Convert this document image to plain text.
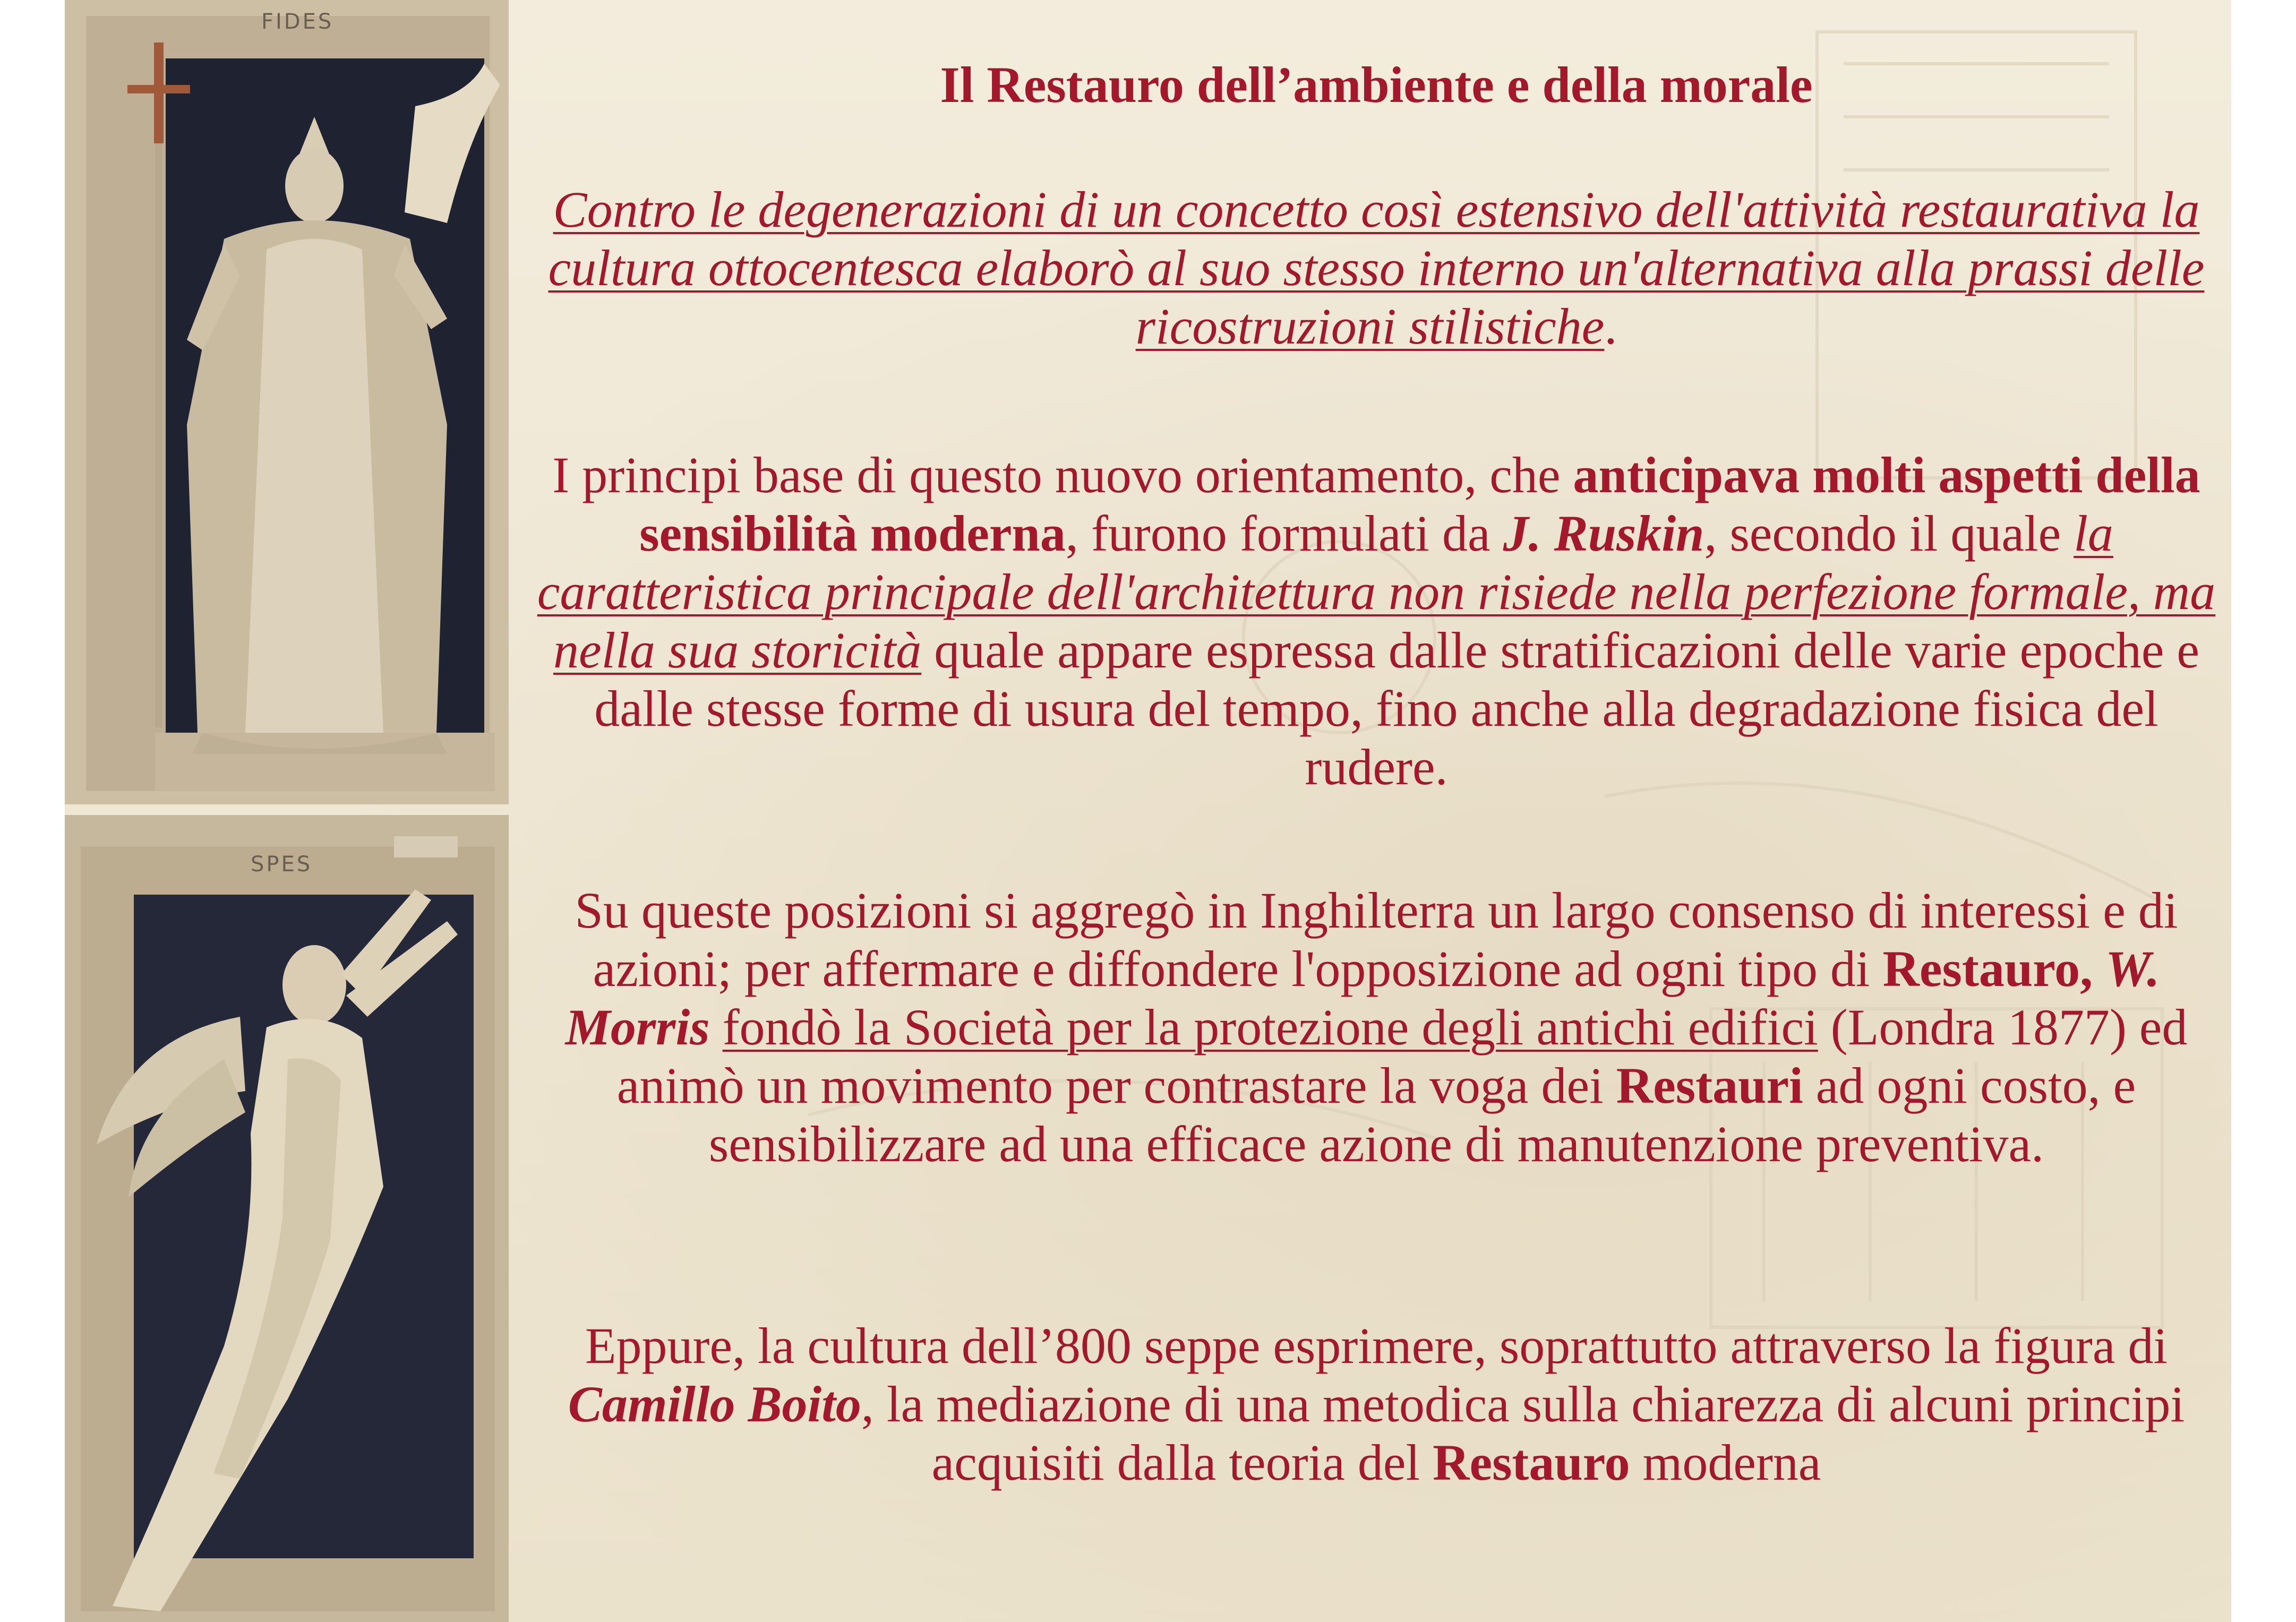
FIDES
SPES
Il Restauro dell’ambiente e della morale

Contro le degenerazioni di un concetto così estensivo dell'attività restaurativa la cultura ottocentesca elaborò al suo stesso interno un'alternativa alla prassi delle ricostruzioni stilistiche.

I principi base di questo nuovo orientamento, che anticipava molti aspetti della sensibilità moderna, furono formulati da J. Ruskin, secondo il quale la caratteristica principale dell'architettura non risiede nella perfezione formale, ma nella sua storicità quale appare espressa dalle stratificazioni delle varie epoche e dalle stesse forme di usura del tempo, fino anche alla degradazione fisica del rudere.

Su queste posizioni si aggregò in Inghilterra un largo consenso di interessi e di azioni; per affermare e diffondere l'opposizione ad ogni tipo di Restauro, W. Morris fondò la Società per la protezione degli antichi edifici (Londra 1877) ed animò un movimento per contrastare la voga dei Restauri ad ogni costo, e sensibilizzare ad una efficace azione di manutenzione preventiva.

Eppure, la cultura dell’800 seppe esprimere, soprattutto attraverso la figura di Camillo Boito, la mediazione di una metodica sulla chiarezza di alcuni principi acquisiti dalla teoria del Restauro moderna
